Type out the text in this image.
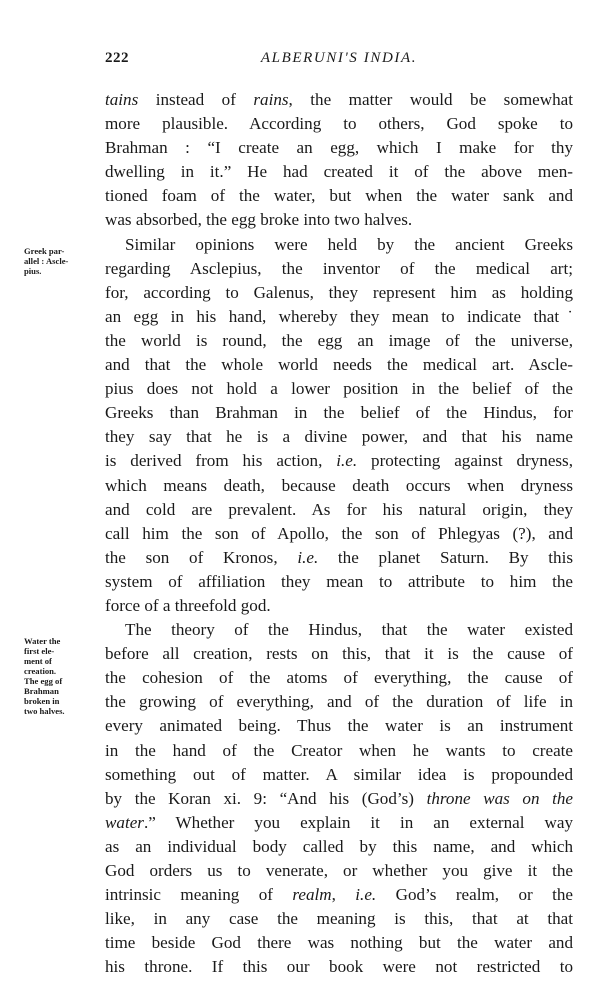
222	ALBERUNI'S INDIA.
Greek par-
allel : Ascle-
pius.
Water the
first ele-
ment of
creation.
The egg of
Brahman
broken in
two halves.
tains instead of rains, the matter would be somewhat
more plausible. According to others, God spoke to
Brahman : “I create an egg, which I make for thy
dwelling in it.” He had created it of the above men-
tioned foam of the water, but when the water sank and
was absorbed, the egg broke into two halves.
Similar opinions were held by the ancient Greeks
regarding Asclepius, the inventor of the medical art;
for, according to Galenus, they represent him as holding
an egg in his hand, whereby they mean to indicate that˙
the world is round, the egg an image of the universe,
and that the whole world needs the medical art. Ascle-
pius does not hold a lower position in the belief of the
Greeks than Brahman in the belief of the Hindus, for
they say that he is a divine power, and that his name
is derived from his action, i.e. protecting against dryness,
which means death, because death occurs when dryness
and cold are prevalent. As for his natural origin, they
call him the son of Apollo, the son of Phlegyas (?), and
the son of Kronos, i.e. the planet Saturn. By this
system of affiliation they mean to attribute to him the
force of a threefold god.
The theory of the Hindus, that the water existed
before all creation, rests on this, that it is the cause of
the cohesion of the atoms of everything, the cause of
the growing of everything, and of the duration of life in
every animated being. Thus the water is an instrument
in the hand of the Creator when he wants to create
something out of matter. A similar idea is propounded
by the Koran xi. 9: “And his (God’s) throne was on the
water.” Whether you explain it in an external way
as an individual body called by this name, and which
God orders us to venerate, or whether you give it the
intrinsic meaning of realm, i.e. God’s realm, or the
like, in any case the meaning is this, that at that
time beside God there was nothing but the water and
his throne. If this our book were not restricted to
